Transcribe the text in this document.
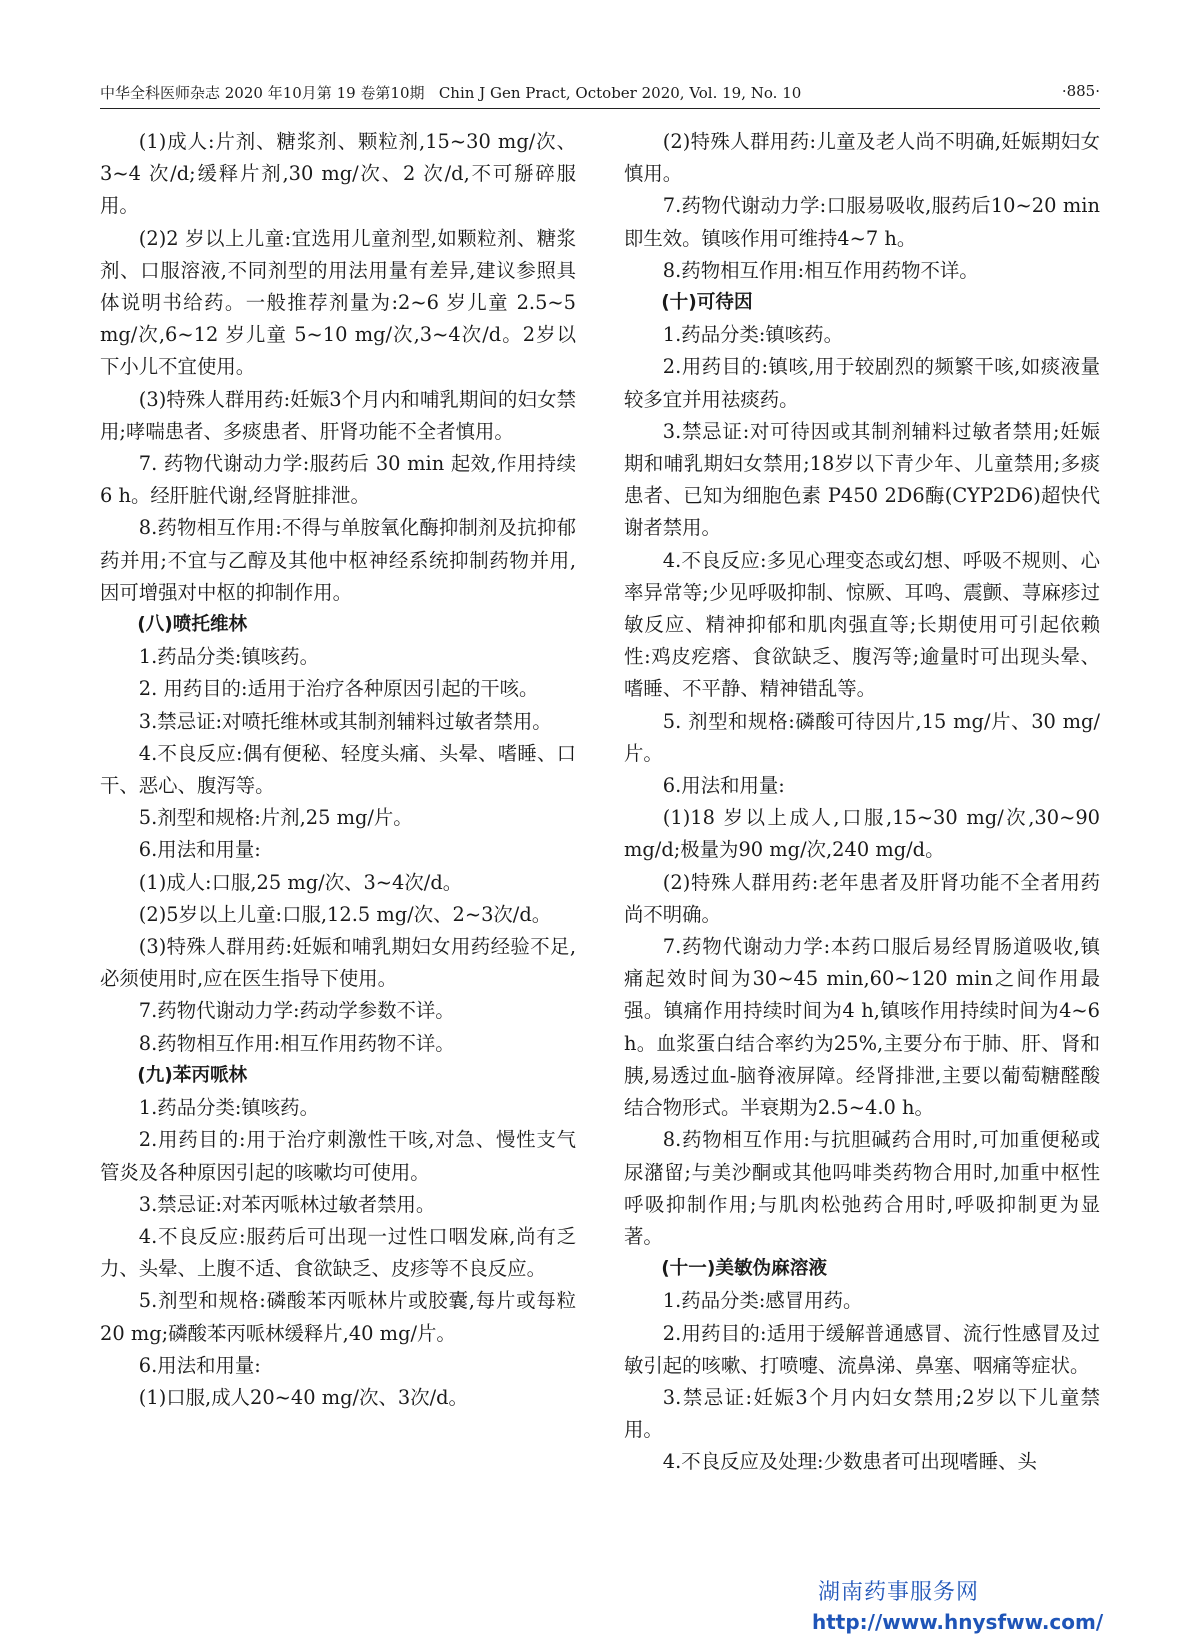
中华全科医师杂志 2020 年10月第 19 卷第10期 Chin J Gen Pract, October 2020, Vol. 19, No. 10	·885·

(1)成人:片剂、糖浆剂、颗粒剂,15~30 mg/次、3~4 次/d;缓释片剂,30 mg/次、2 次/d,不可掰碎服用。

(2)2 岁以上儿童:宜选用儿童剂型,如颗粒剂、糖浆剂、口服溶液,不同剂型的用法用量有差异,建议参照具体说明书给药。一般推荐剂量为:2~6 岁儿童 2.5~5 mg/次,6~12 岁儿童 5~10 mg/次,3~4次/d。2岁以下小儿不宜使用。

(3)特殊人群用药:妊娠3个月内和哺乳期间的妇女禁用;哮喘患者、多痰患者、肝肾功能不全者慎用。

7. 药物代谢动力学:服药后 30 min 起效,作用持续6 h。经肝脏代谢,经肾脏排泄。

8.药物相互作用:不得与单胺氧化酶抑制剂及抗抑郁药并用;不宜与乙醇及其他中枢神经系统抑制药物并用,因可增强对中枢的抑制作用。

(八)喷托维林

1.药品分类:镇咳药。

2. 用药目的:适用于治疗各种原因引起的干咳。

3.禁忌证:对喷托维林或其制剂辅料过敏者禁用。

4.不良反应:偶有便秘、轻度头痛、头晕、嗜睡、口干、恶心、腹泻等。

5.剂型和规格:片剂,25 mg/片。

6.用法和用量:

(1)成人:口服,25 mg/次、3~4次/d。

(2)5岁以上儿童:口服,12.5 mg/次、2~3次/d。

(3)特殊人群用药:妊娠和哺乳期妇女用药经验不足,必须使用时,应在医生指导下使用。

7.药物代谢动力学:药动学参数不详。

8.药物相互作用:相互作用药物不详。

(九)苯丙哌林

1.药品分类:镇咳药。

2.用药目的:用于治疗刺激性干咳,对急、慢性支气管炎及各种原因引起的咳嗽均可使用。

3.禁忌证:对苯丙哌林过敏者禁用。

4.不良反应:服药后可出现一过性口咽发麻,尚有乏力、头晕、上腹不适、食欲缺乏、皮疹等不良反应。

5.剂型和规格:磷酸苯丙哌林片或胶囊,每片或每粒20 mg;磷酸苯丙哌林缓释片,40 mg/片。

6.用法和用量:

(1)口服,成人20~40 mg/次、3次/d。

(2)特殊人群用药:儿童及老人尚不明确,妊娠期妇女慎用。

7.药物代谢动力学:口服易吸收,服药后10~20 min即生效。镇咳作用可维持4~7 h。

8.药物相互作用:相互作用药物不详。

(十)可待因

1.药品分类:镇咳药。

2.用药目的:镇咳,用于较剧烈的频繁干咳,如痰液量较多宜并用祛痰药。

3.禁忌证:对可待因或其制剂辅料过敏者禁用;妊娠期和哺乳期妇女禁用;18岁以下青少年、儿童禁用;多痰患者、已知为细胞色素 P450 2D6酶(CYP2D6)超快代谢者禁用。

4.不良反应:多见心理变态或幻想、呼吸不规则、心率异常等;少见呼吸抑制、惊厥、耳鸣、震颤、荨麻疹过敏反应、精神抑郁和肌肉强直等;长期使用可引起依赖性:鸡皮疙瘩、食欲缺乏、腹泻等;逾量时可出现头晕、嗜睡、不平静、精神错乱等。

5. 剂型和规格:磷酸可待因片,15 mg/片、30 mg/片。

6.用法和用量:

(1)18 岁以上成人,口服,15~30 mg/次,30~90 mg/d;极量为90 mg/次,240 mg/d。

(2)特殊人群用药:老年患者及肝肾功能不全者用药尚不明确。

7.药物代谢动力学:本药口服后易经胃肠道吸收,镇痛起效时间为30~45 min,60~120 min之间作用最强。镇痛作用持续时间为4 h,镇咳作用持续时间为4~6 h。血浆蛋白结合率约为25%,主要分布于肺、肝、肾和胰,易透过血-脑脊液屏障。经肾排泄,主要以葡萄糖醛酸结合物形式。半衰期为2.5~4.0 h。

8.药物相互作用:与抗胆碱药合用时,可加重便秘或尿潴留;与美沙酮或其他吗啡类药物合用时,加重中枢性呼吸抑制作用;与肌肉松弛药合用时,呼吸抑制更为显著。

(十一)美敏伪麻溶液

1.药品分类:感冒用药。

2.用药目的:适用于缓解普通感冒、流行性感冒及过敏引起的咳嗽、打喷嚏、流鼻涕、鼻塞、咽痛等症状。

3.禁忌证:妊娠3个月内妇女禁用;2岁以下儿童禁用。

4.不良反应及处理:少数患者可出现嗜睡、头

湖南药事服务网
http://www.hnysfww.com/
